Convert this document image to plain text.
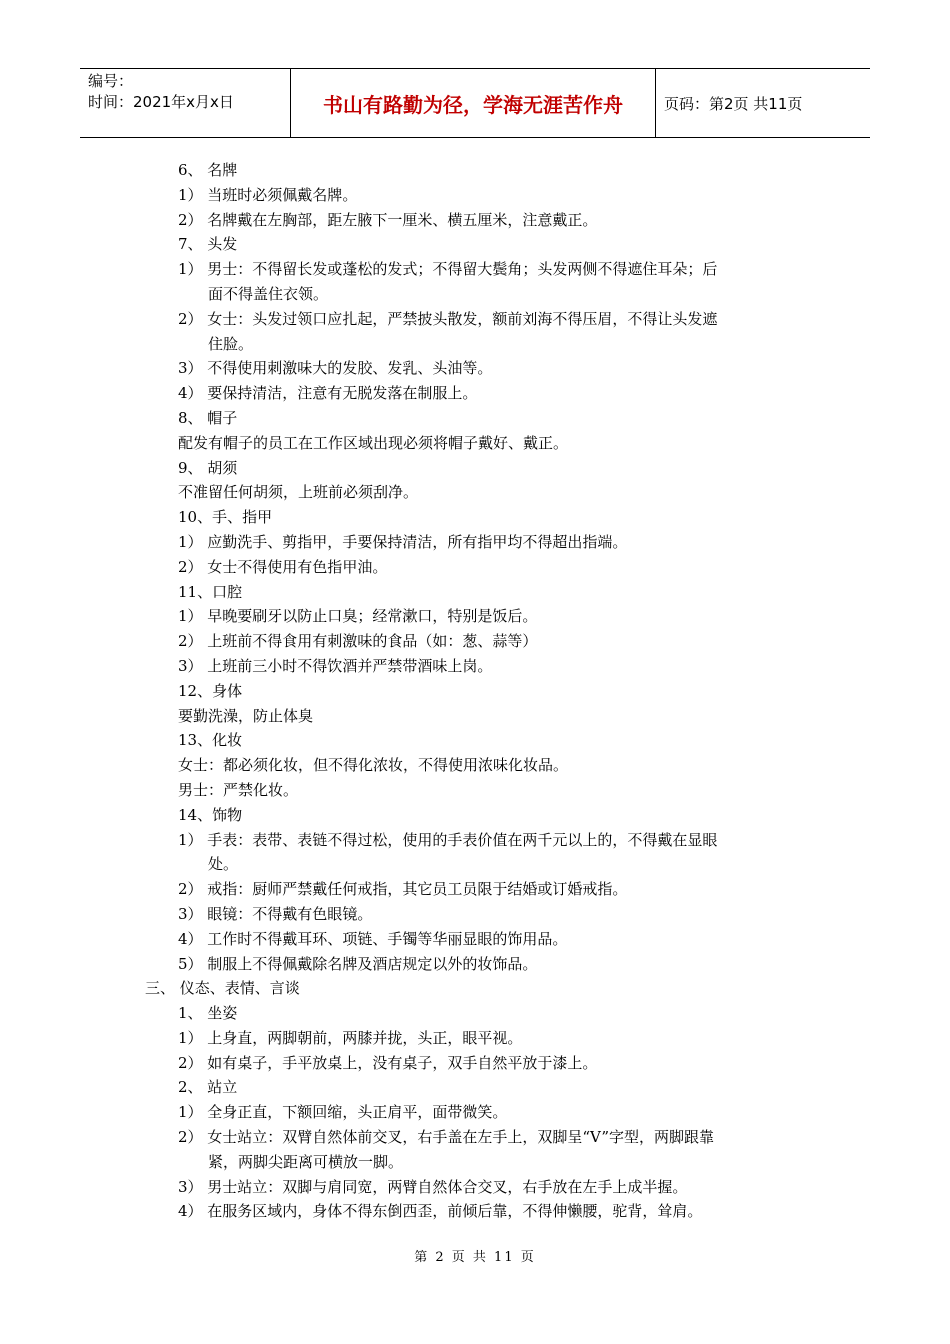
编号：
时间：2021年x月x日	书山有路勤为径，学海无涯苦作舟	页码：第2页 共11页
6、 名牌
1） 当班时必须佩戴名牌。
2） 名牌戴在左胸部，距左腋下一厘米、横五厘米，注意戴正。
7、 头发
1） 男士：不得留长发或蓬松的发式；不得留大鬓角；头发两侧不得遮住耳朵；后
面不得盖住衣领。
2） 女士：头发过领口应扎起，严禁披头散发，额前刘海不得压眉，不得让头发遮
住脸。
3） 不得使用刺激味大的发胶、发乳、头油等。
4） 要保持清洁，注意有无脱发落在制服上。
8、 帽子
配发有帽子的员工在工作区域出现必须将帽子戴好、戴正。
9、 胡须
不准留任何胡须，上班前必须刮净。
10、手、指甲
1） 应勤洗手、剪指甲，手要保持清洁，所有指甲均不得超出指端。
2） 女士不得使用有色指甲油。
11、口腔
1） 早晚要刷牙以防止口臭；经常漱口，特别是饭后。
2） 上班前不得食用有刺激味的食品（如：葱、蒜等）
3） 上班前三小时不得饮酒并严禁带酒味上岗。
12、身体
要勤洗澡，防止体臭
13、化妆
女士：都必须化妆，但不得化浓妆，不得使用浓味化妆品。
男士：严禁化妆。
14、饰物
1） 手表：表带、表链不得过松，使用的手表价值在两千元以上的，不得戴在显眼
处。
2） 戒指：厨师严禁戴任何戒指，其它员工员限于结婚或订婚戒指。
3） 眼镜：不得戴有色眼镜。
4） 工作时不得戴耳环、项链、手镯等华丽显眼的饰用品。
5） 制服上不得佩戴除名牌及酒店规定以外的妆饰品。
三、 仪态、表情、言谈
1、 坐姿
1） 上身直，两脚朝前，两膝并拢，头正，眼平视。
2） 如有桌子，手平放桌上，没有桌子，双手自然平放于漆上。
2、 站立
1） 全身正直，下额回缩，头正肩平，面带微笑。
2） 女士站立：双臂自然体前交叉，右手盖在左手上，双脚呈“V”字型，两脚跟靠
紧，两脚尖距离可横放一脚。
3） 男士站立：双脚与肩同宽，两臂自然体合交叉，右手放在左手上成半握。
4） 在服务区域内，身体不得东倒西歪，前倾后靠，不得伸懒腰，驼背，耸肩。
第 2 页 共 11 页
